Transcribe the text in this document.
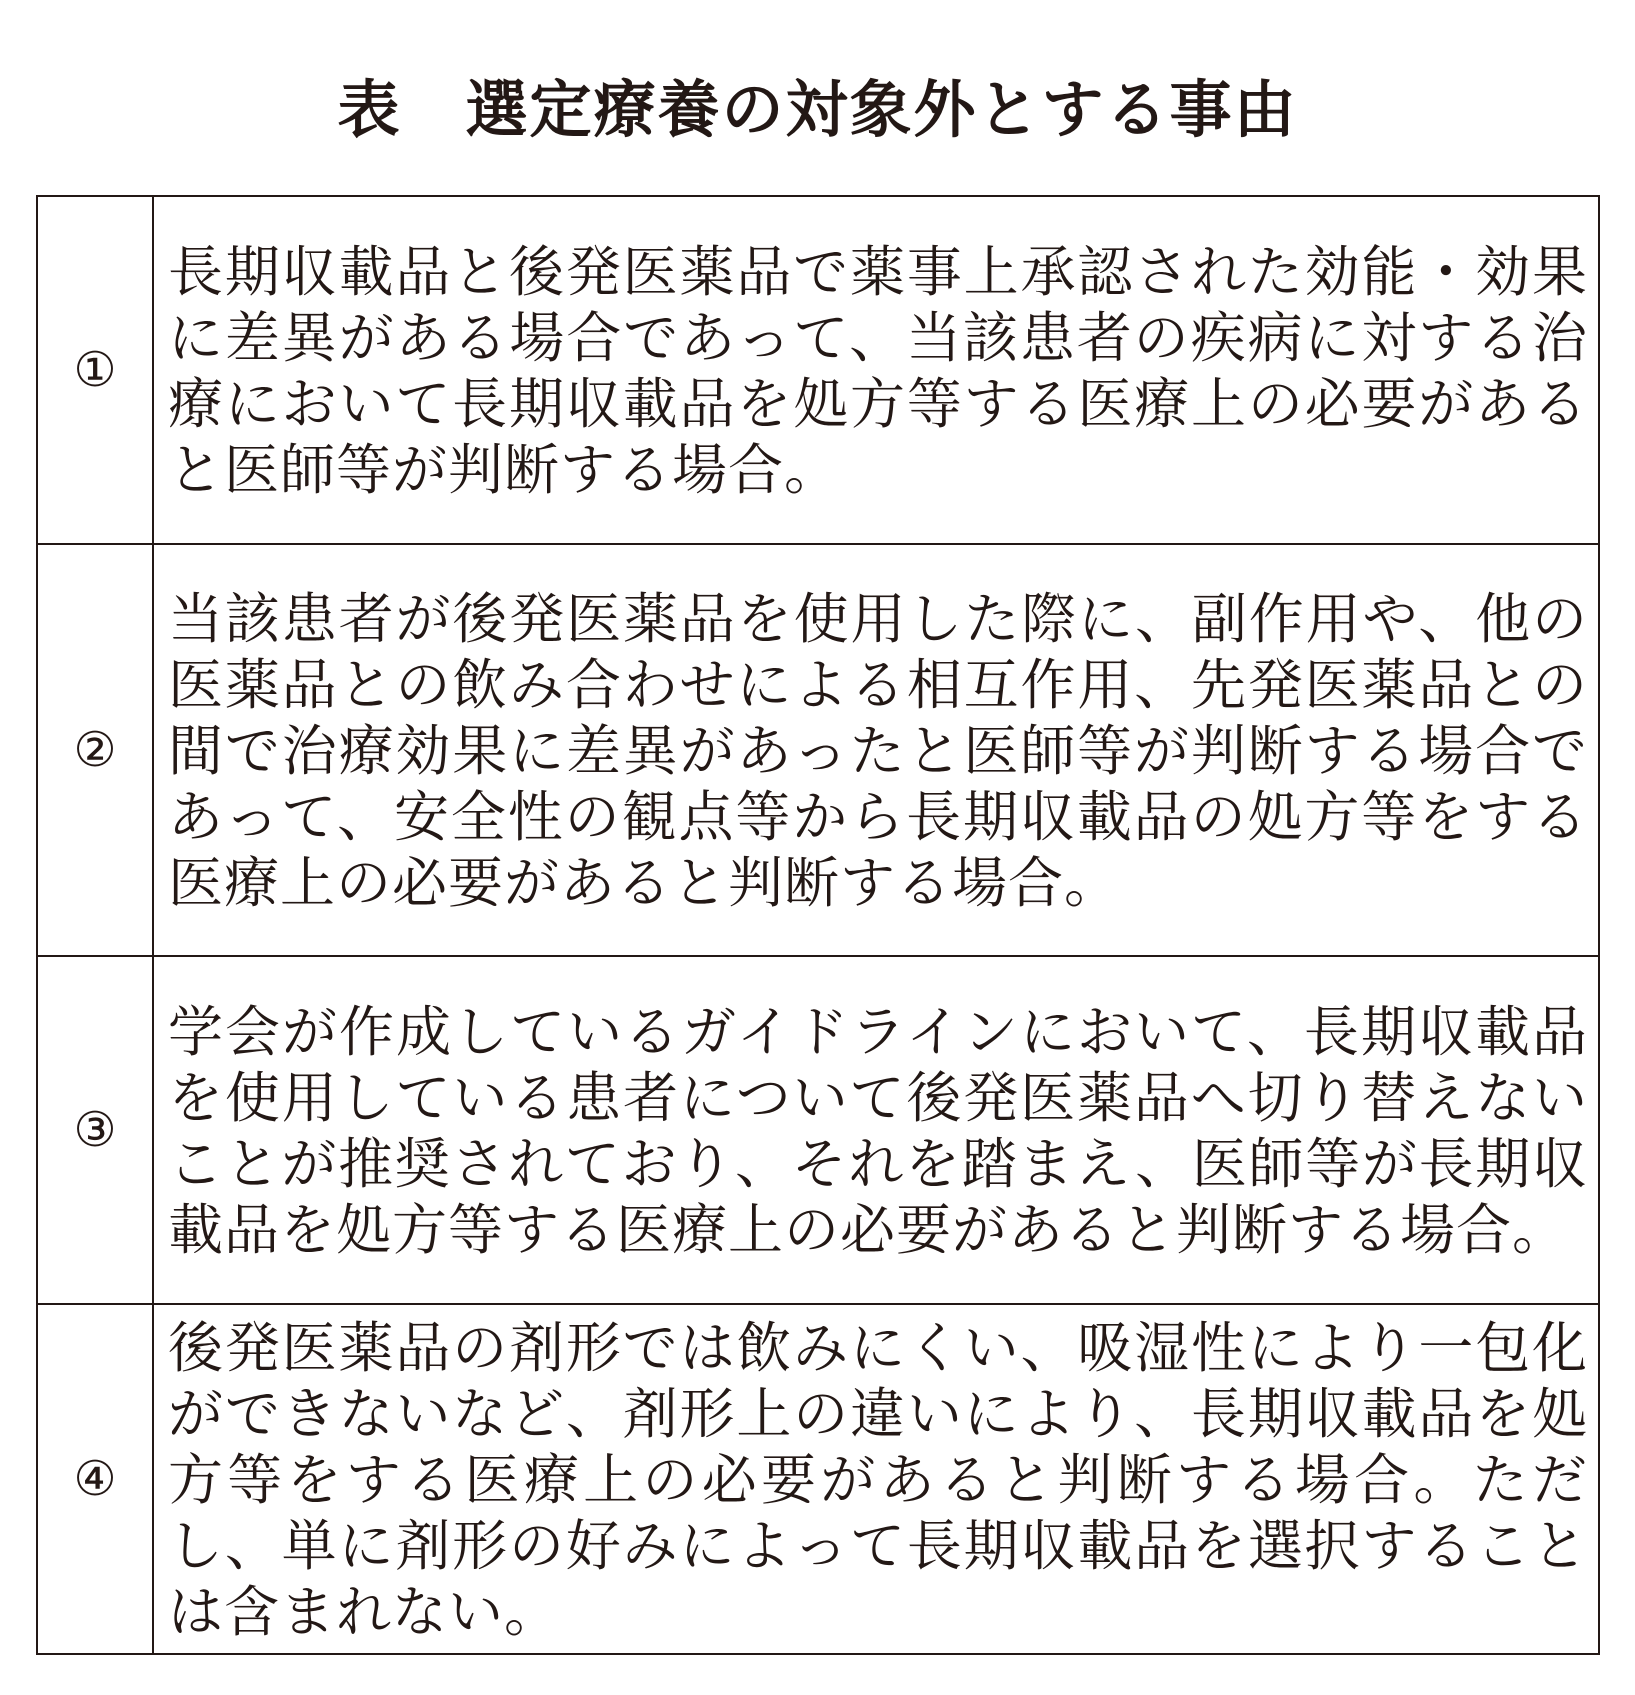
表　選定療養の対象外とする事由
①	長期収載品と後発医薬品で薬事上承認された効能・効果に差異がある場合であって、当該患者の疾病に対する治療において長期収載品を処方等する医療上の必要があると医師等が判断する場合。
②	当該患者が後発医薬品を使用した際に、副作用や、他の医薬品との飲み合わせによる相互作用、先発医薬品との間で治療効果に差異があったと医師等が判断する場合であって、安全性の観点等から長期収載品の処方等をする医療上の必要があると判断する場合。
③	学会が作成しているガイドラインにおいて、長期収載品を使用している患者について後発医薬品へ切り替えないことが推奨されており、それを踏まえ、医師等が長期収載品を処方等する医療上の必要があると判断する場合。
④	後発医薬品の剤形では飲みにくい、吸湿性により一包化ができないなど、剤形上の違いにより、長期収載品を処方等をする医療上の必要があると判断する場合。ただし、単に剤形の好みによって長期収載品を選択することは含まれない。
